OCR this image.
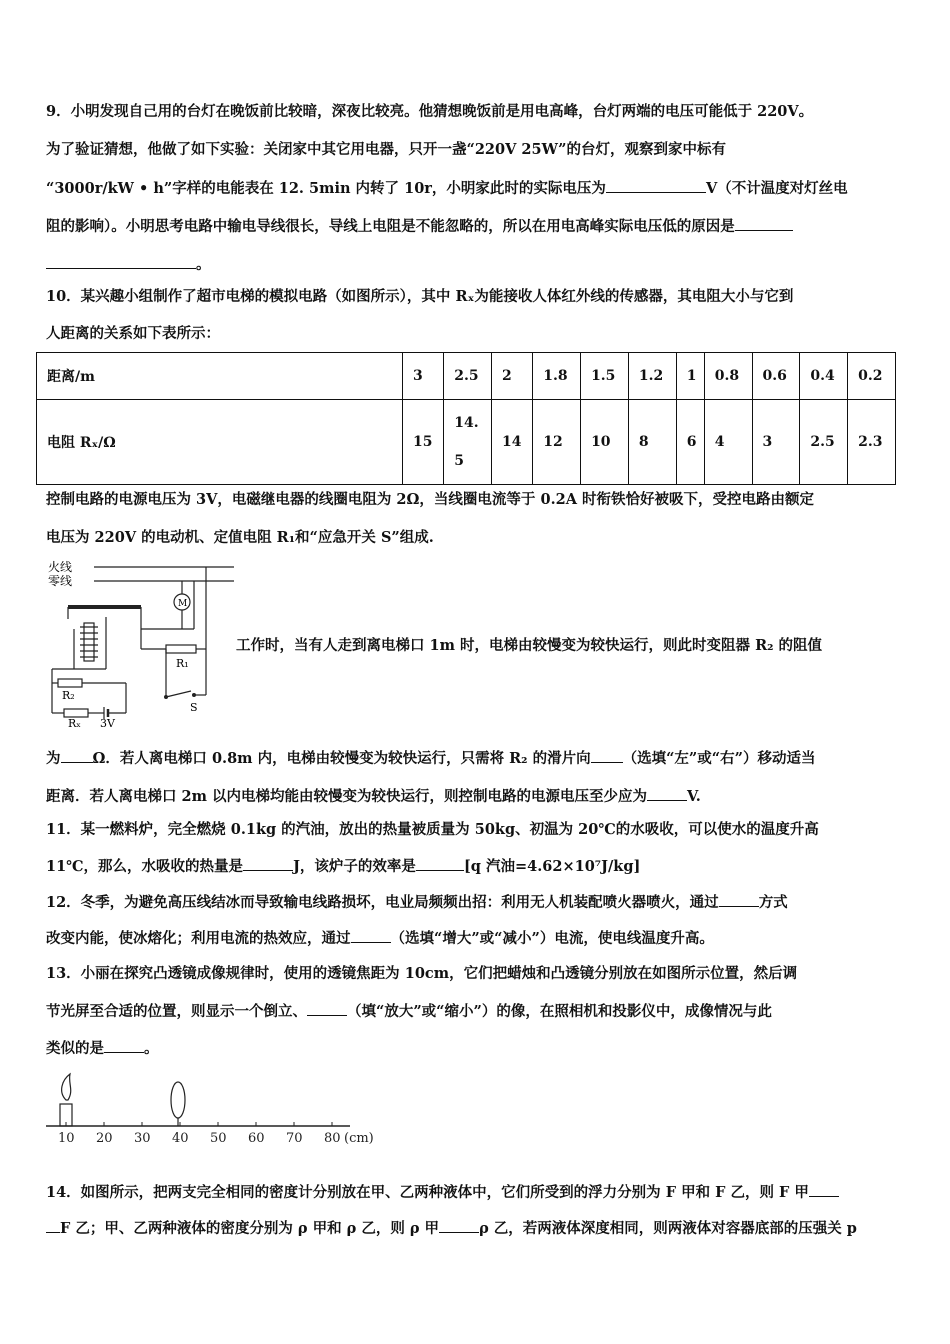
9．小明发现自己用的台灯在晚饭前比较暗，深夜比较亮。他猜想晚饭前是用电高峰，台灯两端的电压可能低于 220V。
为了验证猜想，他做了如下实验：关闭家中其它用电器，只开一盏“220V 25W”的台灯，观察到家中标有
“3000r/kW • h”字样的电能表在 12. 5min 内转了 10r，小明家此时的实际电压为	V（不计温度对灯丝电
阻的影响）。小明思考电路中输电导线很长，导线上电阻是不能忽略的，所以在用电高峰实际电压低的原因是
。
10．某兴趣小组制作了超市电梯的模拟电路（如图所示），其中 Rₓ为能接收人体红外线的传感器，其电阻大小与它到
人距离的关系如下表所示：
距离/m	3	2.5	2	1.8	1.5	1.2	1	0.8	0.6	0.4	0.2
电阻 Rₓ/Ω	15	14.
5	14	12	10	8	6	4	3	2.5	2.3
控制电路的电源电压为 3V，电磁继电器的线圈电阻为 2Ω，当线圈电流等于 0.2A 时衔铁恰好被吸下，受控电路由额定
电压为 220V 的电动机、定值电阻 R₁和“应急开关 S”组成.
火线
零线
M
R₁
R₂
Rₓ 3V
S
工作时，当有人走到离电梯口 1m 时，电梯由较慢变为较快运行，则此时变阻器 R₂ 的阻值
为 Ω．若人离电梯口 0.8m 内，电梯由较慢变为较快运行，只需将 R₂ 的滑片向 （选填“左”或“右”）移动适当
距离．若人离电梯口 2m 以内电梯均能由较慢变为较快运行，则控制电路的电源电压至少应为	V.
11．某一燃料炉，完全燃烧 0.1kg 的汽油，放出的热量被质量为 50kg、初温为 20℃的水吸收，可以使水的温度升高
11℃，那么，水吸收的热量是	J，该炉子的效率是	[q 汽油=4.62×10⁷J/kg]
12．冬季，为避免高压线结冰而导致输电线路损坏，电业局频频出招：利用无人机装配喷火器喷火，通过	方式
改变内能，使冰熔化；利用电流的热效应，通过	（选填“增大”或“减小”）电流，使电线温度升高。
13．小丽在探究凸透镜成像规律时，使用的透镜焦距为 10cm，它们把蜡烛和凸透镜分别放在如图所示位置，然后调
节光屏至合适的位置，则显示一个倒立、	（填“放大”或“缩小”）的像，在照相机和投影仪中，成像情况与此
类似的是	。
10 20 30 40 50 60 70 80 (cm)
14．如图所示，把两支完全相同的密度计分别放在甲、乙两种液体中，它们所受到的浮力分别为 F 甲和 F 乙，则 F 甲
F 乙；甲、乙两种液体的密度分别为 ρ 甲和 ρ 乙，则 ρ 甲	ρ 乙，若两液体深度相同，则两液体对容器底部的压强关 p
